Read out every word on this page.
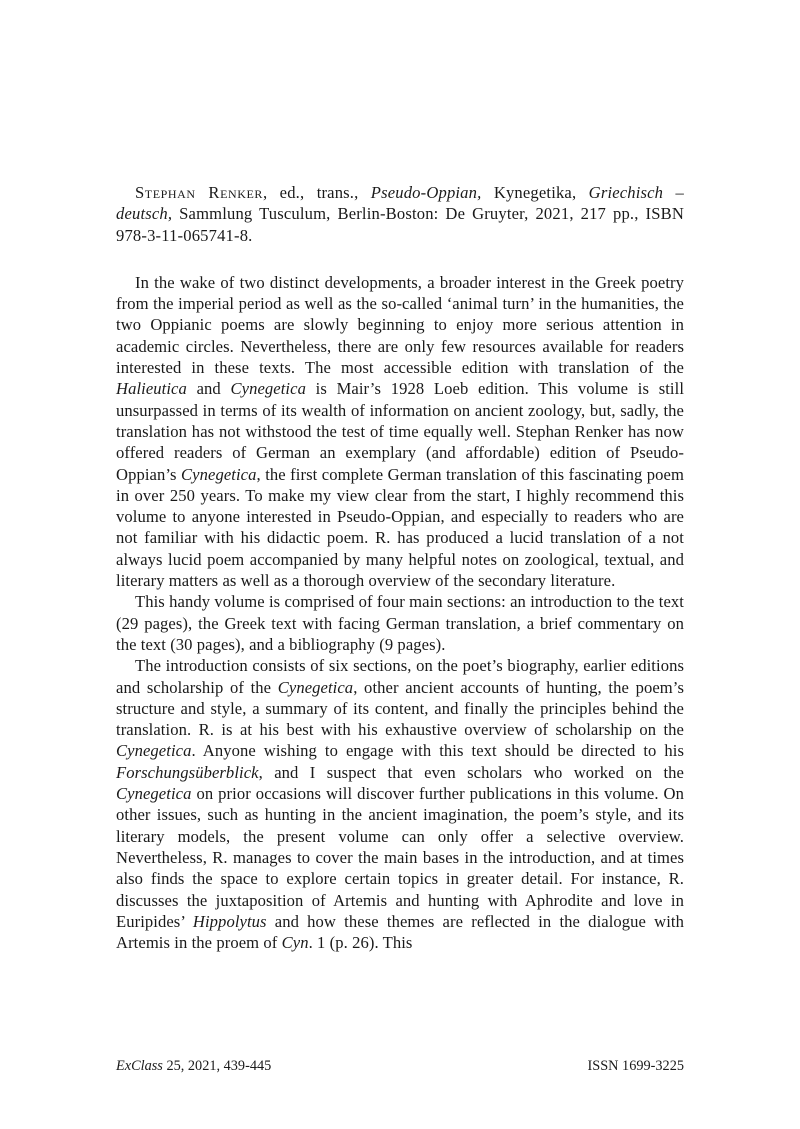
Stephan Renker, ed., trans., Pseudo-Oppian, Kynegetika, Griechisch – deutsch, Sammlung Tusculum, Berlin-Boston: De Gruyter, 2021, 217 pp., ISBN 978-3-11-065741-8.

In the wake of two distinct developments, a broader interest in the Greek poetry from the imperial period as well as the so-called ‘animal turn’ in the humanities, the two Oppianic poems are slowly beginning to enjoy more serious attention in academic circles. Nevertheless, there are only few resources available for readers interested in these texts. The most accessible edition with translation of the Halieutica and Cynegetica is Mair’s 1928 Loeb edition. This volume is still unsurpassed in terms of its wealth of information on ancient zoology, but, sadly, the translation has not withstood the test of time equally well. Stephan Renker has now offered readers of German an exemplary (and affordable) edition of Pseudo-Oppian’s Cynegetica, the first complete German translation of this fascinating poem in over 250 years. To make my view clear from the start, I highly recommend this volume to anyone interested in Pseudo-Oppian, and especially to readers who are not familiar with his didactic poem. R. has produced a lucid translation of a not always lucid poem accompanied by many helpful notes on zoological, textual, and literary matters as well as a thorough overview of the secondary literature.

This handy volume is comprised of four main sections: an introduction to the text (29 pages), the Greek text with facing German translation, a brief commentary on the text (30 pages), and a bibliography (9 pages).

The introduction consists of six sections, on the poet’s biography, earlier editions and scholarship of the Cynegetica, other ancient accounts of hunting, the poem’s structure and style, a summary of its content, and finally the principles behind the translation. R. is at his best with his exhaustive overview of scholarship on the Cynegetica. Anyone wishing to engage with this text should be directed to his Forschungsüberblick, and I suspect that even scholars who worked on the Cynegetica on prior occasions will discover further publications in this volume. On other issues, such as hunting in the ancient imagination, the poem’s style, and its literary models, the present volume can only offer a selective overview. Nevertheless, R. manages to cover the main bases in the introduction, and at times also finds the space to explore certain topics in greater detail. For instance, R. discusses the juxtaposition of Artemis and hunting with Aphrodite and love in Euripides’ Hippolytus and how these themes are reflected in the dialogue with Artemis in the proem of Cyn. 1 (p. 26). This

ExClass 25, 2021, 439-445	ISSN 1699-3225
